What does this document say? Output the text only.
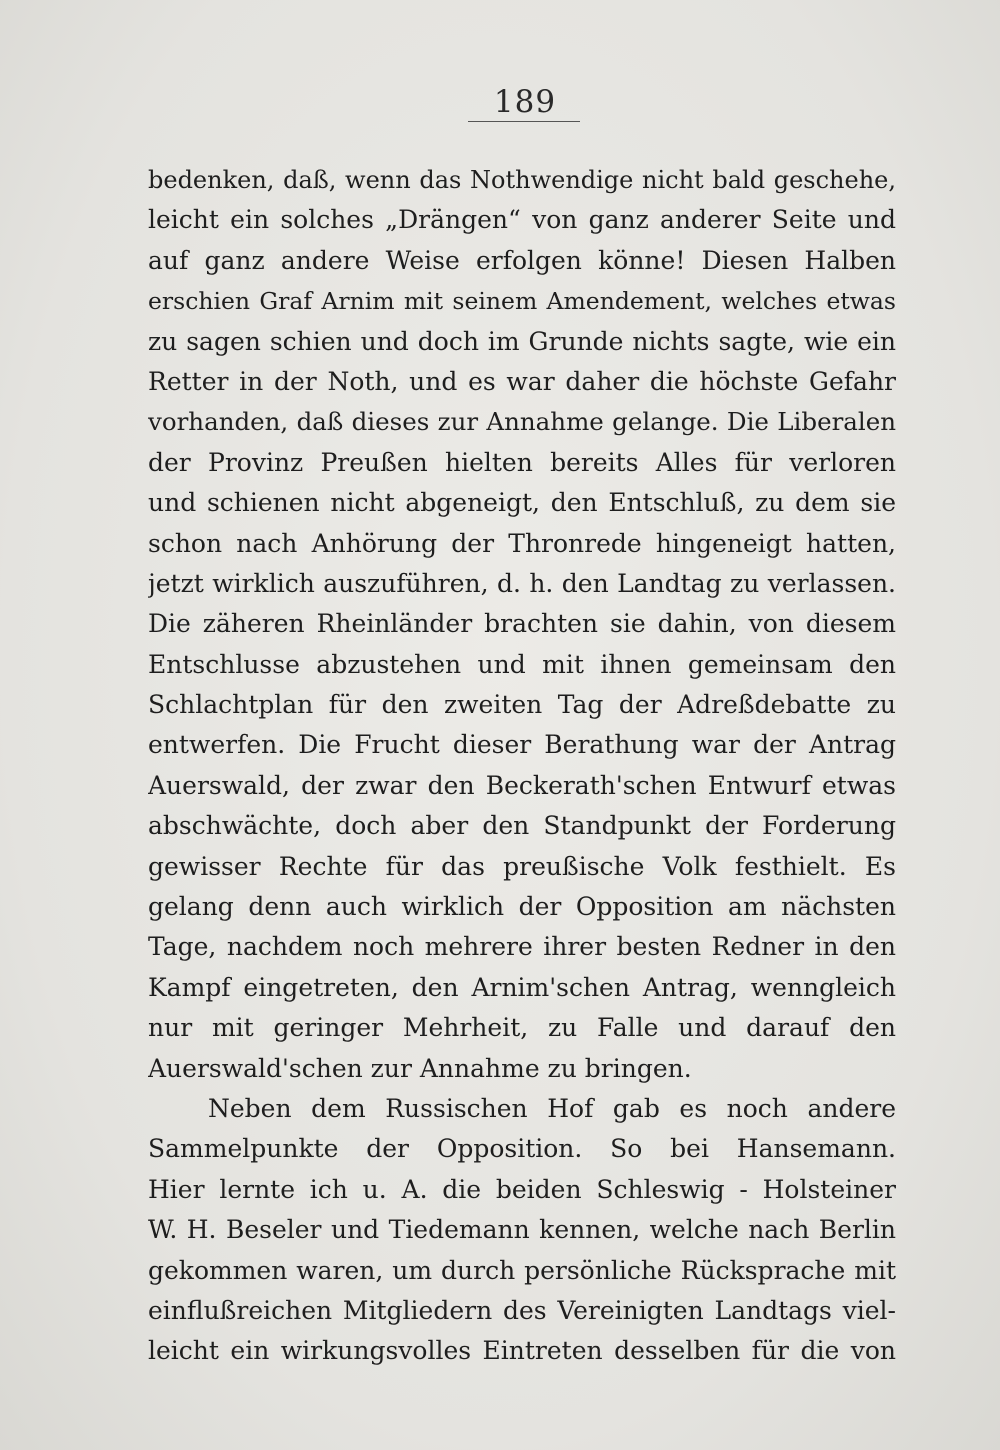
189
bedenken, daß, wenn das Nothwendige nicht bald geschehe,
leicht ein solches „Drängen“ von ganz anderer Seite und
auf ganz andere Weise erfolgen könne! Diesen Halben
erschien Graf Arnim mit seinem Amendement, welches etwas
zu sagen schien und doch im Grunde nichts sagte, wie ein
Retter in der Noth, und es war daher die höchste Gefahr
vorhanden, daß dieses zur Annahme gelange. Die Liberalen
der Provinz Preußen hielten bereits Alles für verloren
und schienen nicht abgeneigt, den Entschluß, zu dem sie
schon nach Anhörung der Thronrede hingeneigt hatten,
jetzt wirklich auszuführen, d. h. den Landtag zu verlassen.
Die zäheren Rheinländer brachten sie dahin, von diesem
Entschlusse abzustehen und mit ihnen gemeinsam den
Schlachtplan für den zweiten Tag der Adreßdebatte zu
entwerfen. Die Frucht dieser Berathung war der Antrag
Auerswald, der zwar den Beckerath'schen Entwurf etwas
abschwächte, doch aber den Standpunkt der Forderung
gewisser Rechte für das preußische Volk festhielt. Es
gelang denn auch wirklich der Opposition am nächsten
Tage, nachdem noch mehrere ihrer besten Redner in den
Kampf eingetreten, den Arnim'schen Antrag, wenngleich
nur mit geringer Mehrheit, zu Falle und darauf den
Auerswald'schen zur Annahme zu bringen.
Neben dem Russischen Hof gab es noch andere
Sammelpunkte der Opposition. So bei Hansemann.
Hier lernte ich u. A. die beiden Schleswig - Holsteiner
W. H. Beseler und Tiedemann kennen, welche nach Berlin
gekommen waren, um durch persönliche Rücksprache mit
einflußreichen Mitgliedern des Vereinigten Landtags viel-
leicht ein wirkungsvolles Eintreten desselben für die von
